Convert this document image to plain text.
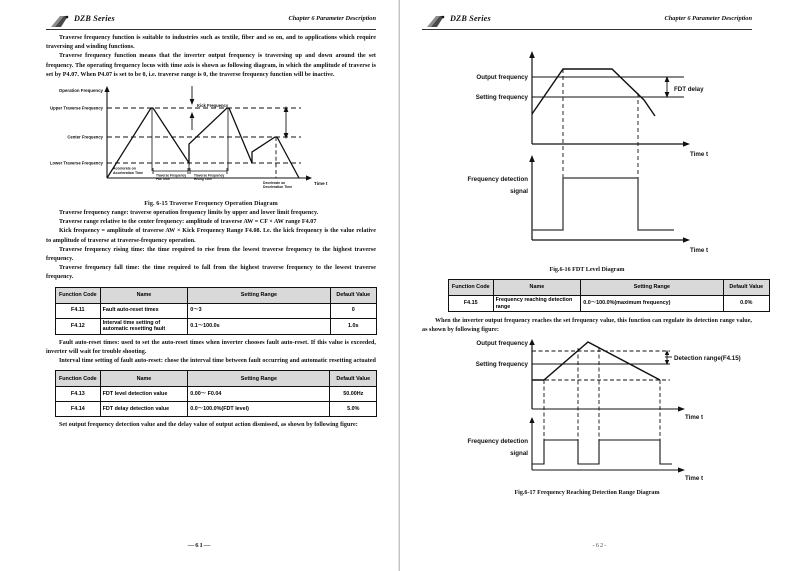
DZB Series	Chapter 6 Parameter Description

Traverse frequency function is suitable to industries such as textile, fiber and so on, and to applications which require traversing and winding functions.

Traverse frequency function means that the inverter output frequency is traversing up and down around the set frequency. The operating frequency locus with time axis is shown as following diagram, in which the amplitude of traverse is set by P4.07. When P4.07 is set to be 0, i.e. traverse range is 0, the traverse frequency function will be inactive.

Operation Frequency
Upper Traverse Frequency
Center Frequency
Lower Traverse Frequency
Kick Frequency
Accelerate on
Acceleration Time
Traverse Frequency
Fall Time
Traverse Frequency
Rising Time
Decelerate on
Deceleration Time
Time t
Fig. 6-15 Traverse Frequency Operation Diagram

Traverse frequency range: traverse operation frequency limits by upper and lower limit frequency.

Traverse range relative to the center frequency: amplitude of traverse AW = CF × AW range F4.07

Kick frequency = amplitude of traverse AW × Kick Frequency Range F4.08. I.e. the kick frequency is the value relative to amplitude of traverse at traverse-frequency operation.

Traverse frequency rising time: the time required to rise from the lowest traverse frequency to the highest traverse frequency.

Traverse frequency fall time: the time required to fall from the highest traverse frequency to the lowest traverse frequency.

Function Code	Name	Setting Range	Default Value
F4.11	Fault auto-reset times	0～3	0
F4.12	Interval time setting of automatic resetting fault	0.1～100.0s	1.0s

Fault auto-reset times: used to set the auto-reset times when inverter chooses fault auto-reset. If this value is exceeded, inverter will wait for trouble shooting.

Interval time setting of fault auto-reset: chose the interval time between fault occurring and automatic resetting actuated

Function Code	Name	Setting Range	Default Value
F4.13	FDT level detection value	0.00～ F0.04	50.00Hz
F4.14	FDT delay detection value	0.0～100.0%(FDT level)	5.0%

Set output frequency detection value and the delay value of output action dismissed, as shown by following figure:

—61—
DZB Series	Chapter 6 Parameter Description
FDT delay
Output frequency
Setting frequency
Time t
Frequency detection
signal
Time t
Fig.6-16 FDT Level Diagram
Function Code	Name	Setting Range	Default Value
F4.15	Frequency reaching detection range	0.0～100.0%(maximum frequency)	0.0%

When the inverter output frequency reaches the set frequency value, this function can regulate its detection range value, as shown by following figure:

Detection range(F4.15)
Output frequency
Setting frequency
Time t
Frequency detection
signal
Time t
Fig.6-17 Frequency Reaching Detection Range Diagram
-62-
